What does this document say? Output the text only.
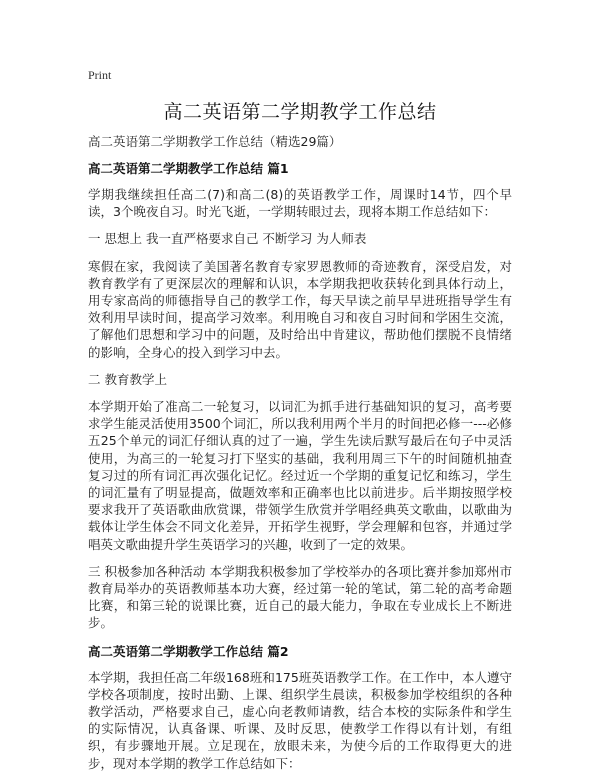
Print
高二英语第二学期教学工作总结

高二英语第二学期教学工作总结（精选29篇）

高二英语第二学期教学工作总结 篇1

学期我继续担任高二(7)和高二(8)的英语教学工作，周课时14节，四个早读，3个晚夜自习。时光飞逝，一学期转眼过去，现将本期工作总结如下：

一 思想上 我一直严格要求自己 不断学习 为人师表

寒假在家，我阅读了美国著名教育专家罗恩教师的奇迹教育，深受启发，对教育教学有了更深层次的理解和认识，本学期我把收获转化到具体行动上，用专家高尚的师德指导自己的教学工作，每天早读之前早早进班指导学生有效利用早读时间，提高学习效率。利用晚自习和夜自习时间和学困生交流，了解他们思想和学习中的问题，及时给出中肯建议，帮助他们摆脱不良情绪的影响，全身心的投入到学习中去。

二 教育教学上

本学期开始了准高二一轮复习，以词汇为抓手进行基础知识的复习，高考要求学生能灵活使用3500个词汇，所以我利用两个半月的时间把必修一---必修五25个单元的词汇仔细认真的过了一遍，学生先读后默写最后在句子中灵活使用，为高三的一轮复习打下坚实的基础，我利用周三下午的时间随机抽查复习过的所有词汇再次强化记忆。经过近一个学期的重复记忆和练习，学生的词汇量有了明显提高，做题效率和正确率也比以前进步。后半期按照学校要求我开了英语歌曲欣赏课，带领学生欣赏并学唱经典英文歌曲，以歌曲为载体让学生体会不同文化差异，开拓学生视野，学会理解和包容，并通过学唱英文歌曲提升学生英语学习的兴趣，收到了一定的效果。

三 积极参加各种活动 本学期我积极参加了学校举办的各项比赛并参加郑州市教育局举办的英语教师基本功大赛，经过第一轮的笔试，第二轮的高考命题比赛，和第三轮的说课比赛，近自己的最大能力，争取在专业成长上不断进步。

高二英语第二学期教学工作总结 篇2

本学期，我担任高二年级168班和175班英语教学工作。在工作中，本人遵守学校各项制度，按时出勤、上课、组织学生晨读，积极参加学校组织的各种教学活动，严格要求自己，虚心向老教师请教，结合本校的实际条件和学生的实际情况，认真备课、听课、及时反思，使教学工作得以有计划，有组织，有步骤地开展。立足现在，放眼未来，为使今后的工作取得更大的进步，现对本学期的教学工作总结如下：
